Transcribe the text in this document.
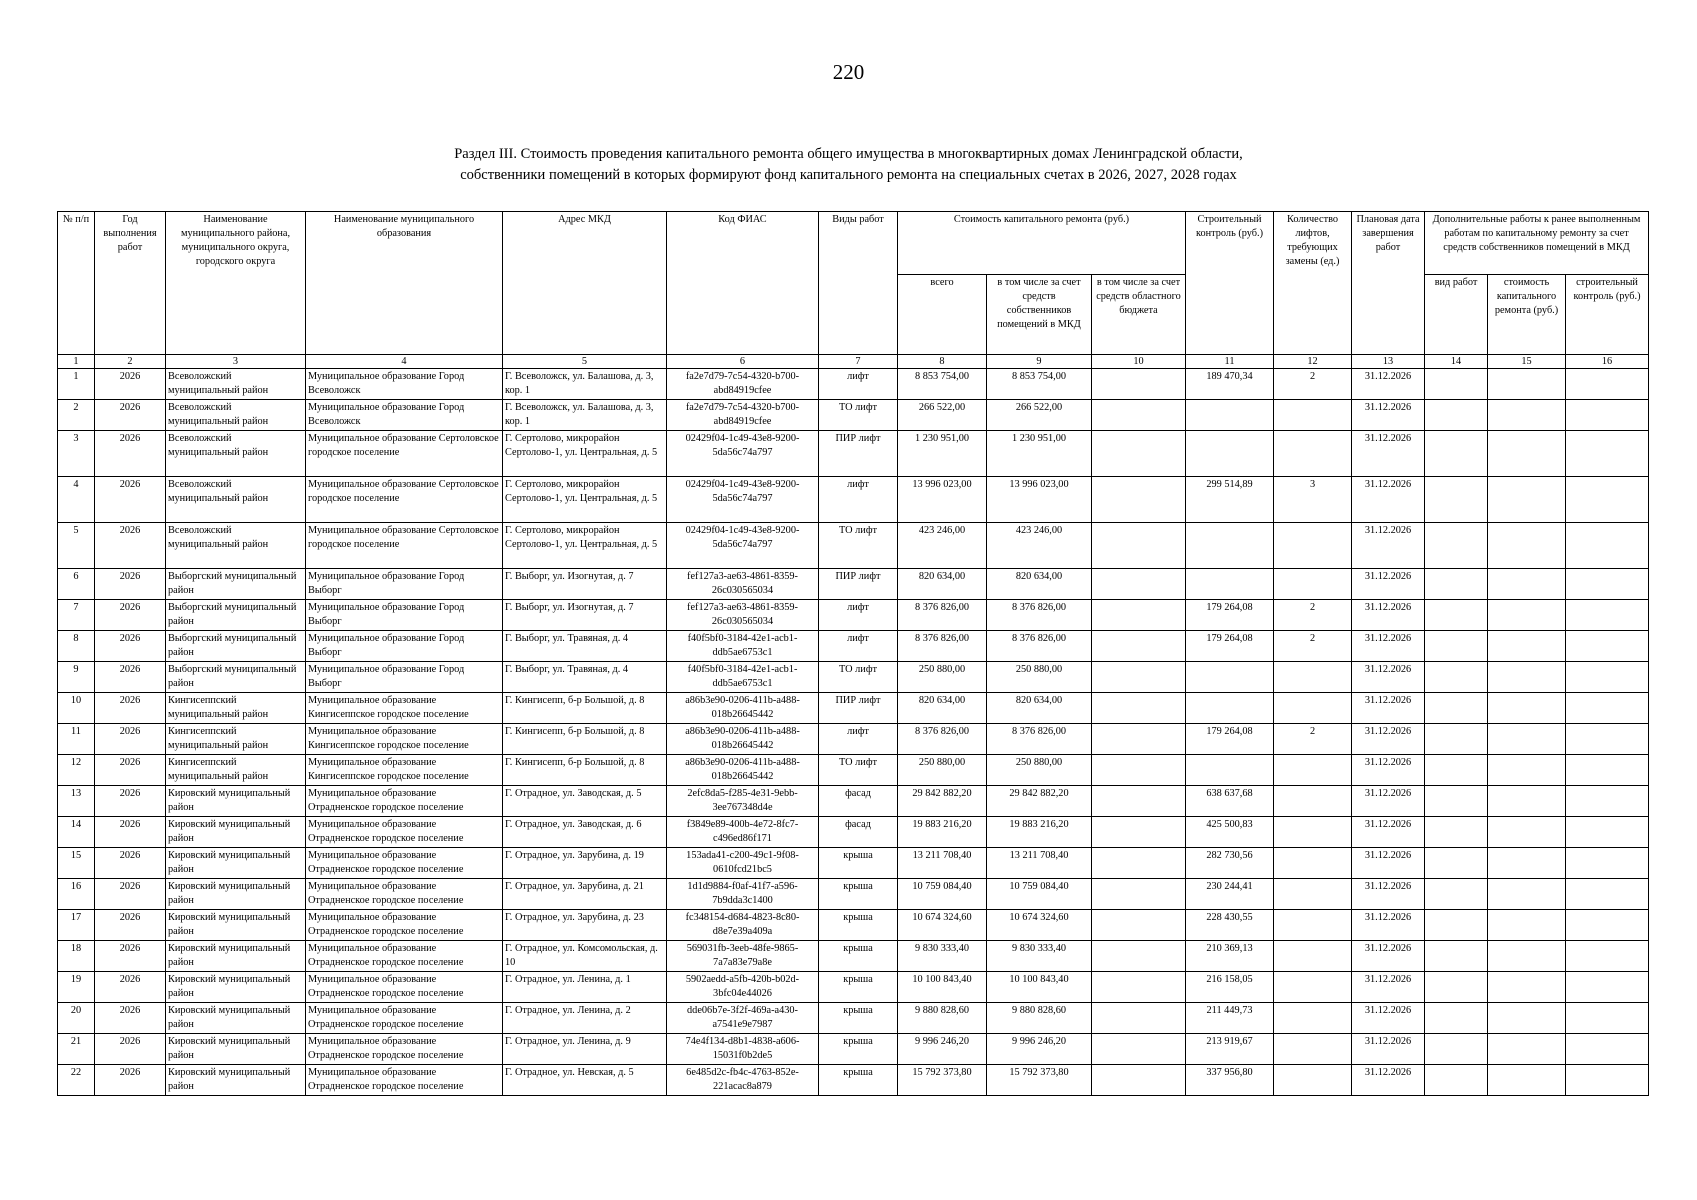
220
Раздел III. Стоимость проведения капитального ремонта общего имущества в многоквартирных домах Ленинградской области,
собственники помещений в которых формируют фонд капитального ремонта на специальных счетах в 2026, 2027, 2028 годах
№ п/п	Год выполнения работ	Наименование муниципального района, муниципального округа, городского округа	Наименование муниципального образования	Адрес МКД	Код ФИАС	Виды работ	Стоимость капитального ремонта (руб.)			Строительный контроль (руб.)	Количество лифтов, требующих замены (ед.)	Плановая дата завершения работ	Дополнительные работы к ранее выполненным работам по капитальному ремонту за счет средств собственников помещений в МКД		
							всего	в том числе за счет средств собственников помещений в МКД	в том числе за счет средств областного бюджета				вид работ	стоимость капитального ремонта (руб.)	строительный контроль (руб.)
1	2	3	4	5	6	7	8	9	10	11	12	13	14	15	16
1	2026	Всеволожский муниципальный район	Муниципальное образование Город Всеволожск	Г. Всеволожск, ул. Балашова, д. 3, кор. 1	fa2e7d79-7c54-4320-b700-abd84919cfee	лифт	8 853 754,00	8 853 754,00		189 470,34	2	31.12.2026			
2	2026	Всеволожский муниципальный район	Муниципальное образование Город Всеволожск	Г. Всеволожск, ул. Балашова, д. 3, кор. 1	fa2e7d79-7c54-4320-b700-abd84919cfee	ТО лифт	266 522,00	266 522,00				31.12.2026			
3	2026	Всеволожский муниципальный район	Муниципальное образование Сертоловское городское поселение	Г. Сертолово, микрорайон Сертолово-1, ул. Центральная, д. 5	02429f04-1c49-43e8-9200-5da56c74a797	ПИР лифт	1 230 951,00	1 230 951,00				31.12.2026			
4	2026	Всеволожский муниципальный район	Муниципальное образование Сертоловское городское поселение	Г. Сертолово, микрорайон Сертолово-1, ул. Центральная, д. 5	02429f04-1c49-43e8-9200-5da56c74a797	лифт	13 996 023,00	13 996 023,00		299 514,89	3	31.12.2026			
5	2026	Всеволожский муниципальный район	Муниципальное образование Сертоловское городское поселение	Г. Сертолово, микрорайон Сертолово-1, ул. Центральная, д. 5	02429f04-1c49-43e8-9200-5da56c74a797	ТО лифт	423 246,00	423 246,00				31.12.2026			
6	2026	Выборгский муниципальный район	Муниципальное образование Город Выборг	Г. Выборг, ул. Изогнутая, д. 7	fef127a3-ae63-4861-8359-26c030565034	ПИР лифт	820 634,00	820 634,00				31.12.2026			
7	2026	Выборгский муниципальный район	Муниципальное образование Город Выборг	Г. Выборг, ул. Изогнутая, д. 7	fef127a3-ae63-4861-8359-26c030565034	лифт	8 376 826,00	8 376 826,00		179 264,08	2	31.12.2026			
8	2026	Выборгский муниципальный район	Муниципальное образование Город Выборг	Г. Выборг, ул. Травяная, д. 4	f40f5bf0-3184-42e1-acb1-ddb5ae6753c1	лифт	8 376 826,00	8 376 826,00		179 264,08	2	31.12.2026			
9	2026	Выборгский муниципальный район	Муниципальное образование Город Выборг	Г. Выборг, ул. Травяная, д. 4	f40f5bf0-3184-42e1-acb1-ddb5ae6753c1	ТО лифт	250 880,00	250 880,00				31.12.2026			
10	2026	Кингисеппский муниципальный район	Муниципальное образование Кингисеппское городское поселение	Г. Кингисепп, б-р Большой, д. 8	a86b3e90-0206-411b-a488-018b26645442	ПИР лифт	820 634,00	820 634,00				31.12.2026			
11	2026	Кингисеппский муниципальный район	Муниципальное образование Кингисеппское городское поселение	Г. Кингисепп, б-р Большой, д. 8	a86b3e90-0206-411b-a488-018b26645442	лифт	8 376 826,00	8 376 826,00		179 264,08	2	31.12.2026			
12	2026	Кингисеппский муниципальный район	Муниципальное образование Кингисеппское городское поселение	Г. Кингисепп, б-р Большой, д. 8	a86b3e90-0206-411b-a488-018b26645442	ТО лифт	250 880,00	250 880,00				31.12.2026			
13	2026	Кировский муниципальный район	Муниципальное образование Отрадненское городское поселение	Г. Отрадное, ул. Заводская, д. 5	2efc8da5-f285-4e31-9ebb-3ee767348d4e	фасад	29 842 882,20	29 842 882,20		638 637,68		31.12.2026			
14	2026	Кировский муниципальный район	Муниципальное образование Отрадненское городское поселение	Г. Отрадное, ул. Заводская, д. 6	f3849e89-400b-4e72-8fc7-c496ed86f171	фасад	19 883 216,20	19 883 216,20		425 500,83		31.12.2026			
15	2026	Кировский муниципальный район	Муниципальное образование Отрадненское городское поселение	Г. Отрадное, ул. Зарубина, д. 19	153ada41-c200-49c1-9f08-0610fcd21bc5	крыша	13 211 708,40	13 211 708,40		282 730,56		31.12.2026			
16	2026	Кировский муниципальный район	Муниципальное образование Отрадненское городское поселение	Г. Отрадное, ул. Зарубина, д. 21	1d1d9884-f0af-41f7-a596-7b9dda3c1400	крыша	10 759 084,40	10 759 084,40		230 244,41		31.12.2026			
17	2026	Кировский муниципальный район	Муниципальное образование Отрадненское городское поселение	Г. Отрадное, ул. Зарубина, д. 23	fc348154-d684-4823-8c80-d8e7e39a409a	крыша	10 674 324,60	10 674 324,60		228 430,55		31.12.2026			
18	2026	Кировский муниципальный район	Муниципальное образование Отрадненское городское поселение	Г. Отрадное, ул. Комсомольская, д. 10	569031fb-3eeb-48fe-9865-7a7a83e79a8e	крыша	9 830 333,40	9 830 333,40		210 369,13		31.12.2026			
19	2026	Кировский муниципальный район	Муниципальное образование Отрадненское городское поселение	Г. Отрадное, ул. Ленина, д. 1	5902aedd-a5fb-420b-b02d-3bfc04e44026	крыша	10 100 843,40	10 100 843,40		216 158,05		31.12.2026			
20	2026	Кировский муниципальный район	Муниципальное образование Отрадненское городское поселение	Г. Отрадное, ул. Ленина, д. 2	dde06b7e-3f2f-469a-a430-a7541e9e7987	крыша	9 880 828,60	9 880 828,60		211 449,73		31.12.2026			
21	2026	Кировский муниципальный район	Муниципальное образование Отрадненское городское поселение	Г. Отрадное, ул. Ленина, д. 9	74e4f134-d8b1-4838-a606-15031f0b2de5	крыша	9 996 246,20	9 996 246,20		213 919,67		31.12.2026			
22	2026	Кировский муниципальный район	Муниципальное образование Отрадненское городское поселение	Г. Отрадное, ул. Невская, д. 5	6e485d2c-fb4c-4763-852e-221acac8a879	крыша	15 792 373,80	15 792 373,80		337 956,80		31.12.2026			
